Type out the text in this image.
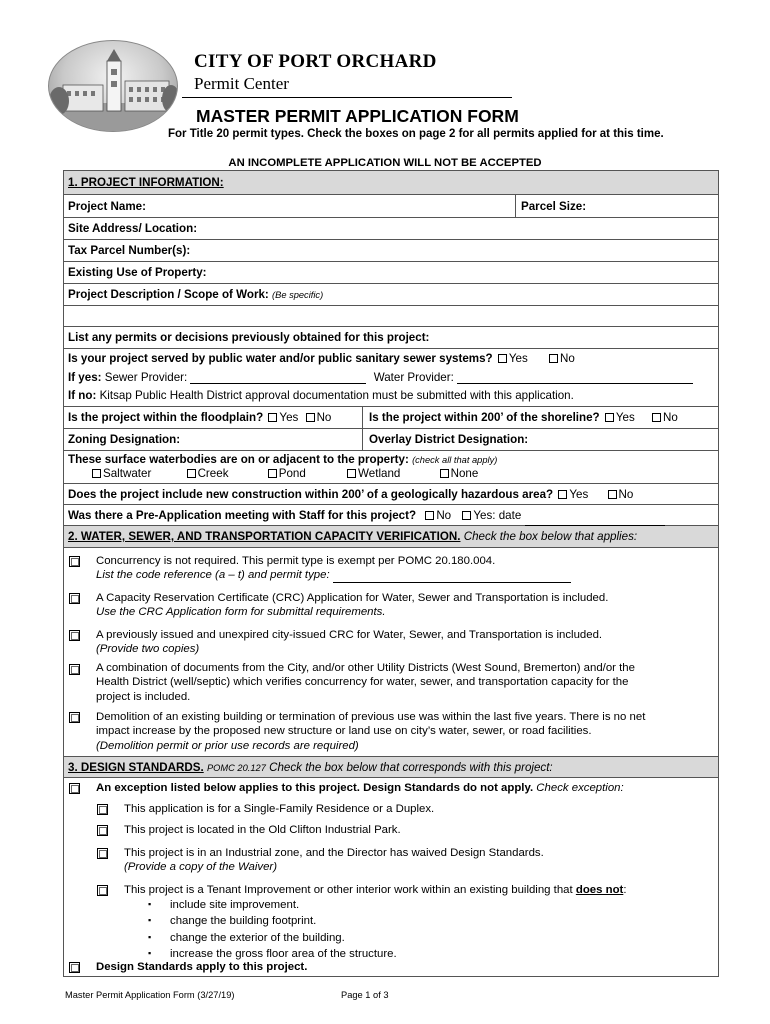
CITY OF PORT ORCHARD
Permit Center
MASTER PERMIT APPLICATION FORM
For Title 20 permit types. Check the boxes on page 2 for all permits applied for at this time.
AN INCOMPLETE APPLICATION WILL NOT BE ACCEPTED
1. PROJECT INFORMATION:
Project Name:	Parcel Size:
Site Address/ Location:
Tax Parcel Number(s):
Existing Use of Property:
Project Description / Scope of Work: (Be specific)
List any permits or decisions previously obtained for this project:
Is your project served by public water and/or public sanitary sewer systems? Yes	No
If yes: Sewer Provider:	Water Provider:
If no: Kitsap Public Health District approval documentation must be submitted with this application.
Is the project within the floodplain? Yes No	Is the project within 200’ of the shoreline? Yes No
Zoning Designation:	Overlay District Designation:
These surface waterbodies are on or adjacent to the property: (check all that apply)
Saltwater	Creek	Pond	Wetland	None
Does the project include new construction within 200’ of a geologically hazardous area? Yes	No
Was there a Pre-Application meeting with Staff for this project? No Yes: date
2. WATER, SEWER, AND TRANSPORTATION CAPACITY VERIFICATION. Check the box below that applies:
Concurrency is not required. This permit type is exempt per POMC 20.180.004.
List the code reference (a – t) and permit type:
A Capacity Reservation Certificate (CRC) Application for Water, Sewer and Transportation is included.
Use the CRC Application form for submittal requirements.
A previously issued and unexpired city-issued CRC for Water, Sewer, and Transportation is included.
(Provide two copies)
A combination of documents from the City, and/or other Utility Districts (West Sound, Bremerton) and/or the
Health District (well/septic) which verifies concurrency for water, sewer, and transportation capacity for the
project is included.
Demolition of an existing building or termination of previous use was within the last five years. There is no net
impact increase by the proposed new structure or land use on city’s water, sewer, or road facilities.
(Demolition permit or prior use records are required)
3. DESIGN STANDARDS. POMC 20.127 Check the box below that corresponds with this project:
An exception listed below applies to this project. Design Standards do not apply. Check exception:
This application is for a Single-Family Residence or a Duplex.
This project is located in the Old Clifton Industrial Park.
This project is in an Industrial zone, and the Director has waived Design Standards.
(Provide a copy of the Waiver)
This project is a Tenant Improvement or other interior work within an existing building that does not:
▪ include site improvement.
▪ change the building footprint.
▪ change the exterior of the building.
▪ increase the gross floor area of the structure.
Design Standards apply to this project.
Master Permit Application Form (3/27/19)	Page 1 of 3
